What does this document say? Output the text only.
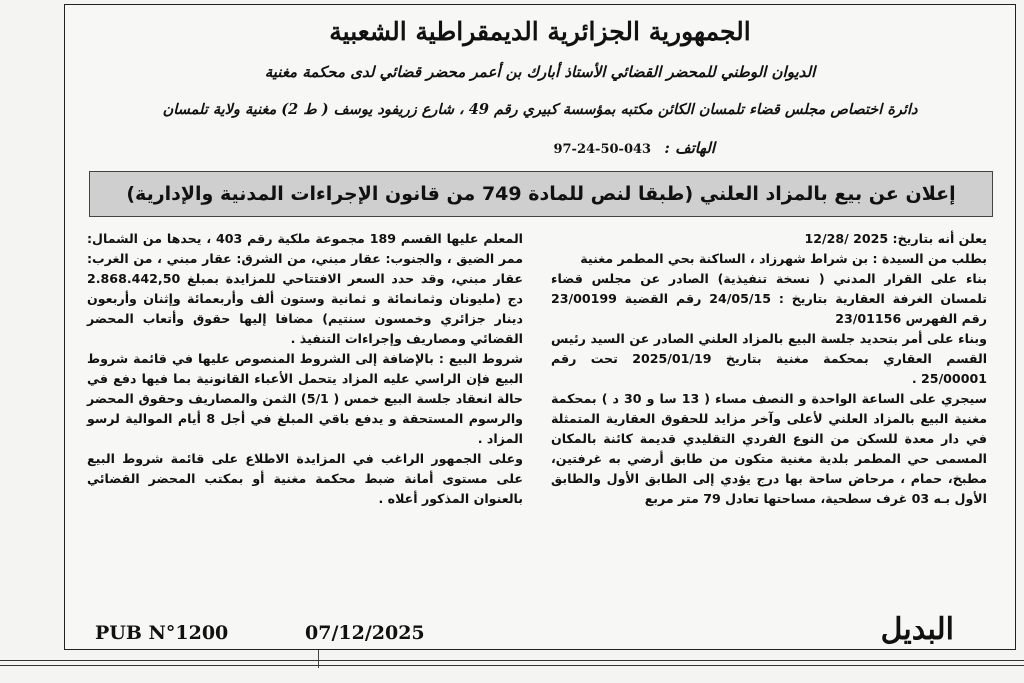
الجمهورية الجزائرية الديمقراطية الشعبية
الديوان الوطني للمحضر القضائي الأستاذ أبارك بن أعمر محضر قضائي لدى محكمة مغنية
دائرة اختصاص مجلس قضاء تلمسان الكائن مكتبه بمؤسسة كبيري رقم 49 ، شارع زريفود يوسف ( ط 2) مغنية ولاية تلمسان
الهاتف : 043-50-24-97
إعلان عن بيع بالمزاد العلني (طبقا لنص للمادة 749 من قانون الإجراءات المدنية والإدارية)

يعلن أنه بتاريخ: 2025 /12/28

بطلب من السيدة : بن شراط شهرزاد ، الساكنة بحي المطمر مغنية

بناء على القرار المدني ( نسخة تنفيذية) الصادر عن مجلس قضاء تلمسان الغرفة العقارية بتاريخ : 24/05/15 رقم القضية 23/00199 رقم الفهرس 23/01156

وبناء على أمر بتحديد جلسة البيع بالمزاد العلني الصادر عن السيد رئيس القسم العقاري بمحكمة مغنية بتاريخ 2025/01/19 تحت رقم 25/00001 .

سيجري على الساعة الواحدة و النصف مساء ( 13 سا و 30 د ) بمحكمة مغنية البيع بالمزاد العلني لأعلى وآخر مزايد للحقوق العقارية المتمثلة في دار معدة للسكن من النوع الفردي التقليدي قديمة كائنة بالمكان المسمى حي المطمر بلدية مغنية متكون من طابق أرضي به غرفتين، مطبخ، حمام ، مرحاض ساحة بها درج يؤدي إلى الطابق الأول والطابق الأول بـه 03 غرف سطحية، مساحتها تعادل 79 متر مربع

المعلم عليها القسم 189 مجموعة ملكية رقم 403 ، يحدها من الشمال: ممر الضيق ، والجنوب: عقار مبني، من الشرق: عقار مبني ، من الغرب: عقار مبني، وقد حدد السعر الافتتاحي للمزايدة بمبلغ 2.868.442,50 دج (مليونان وثمانمائة و ثمانية وستون ألف وأربعمائة وإثنان وأربعون دينار جزائري وخمسون سنتيم) مضافا إليها حقوق وأتعاب المحضر القضائي ومصاريف وإجراءات التنفيذ .

شروط البيع : بالإضافة إلى الشروط المنصوص عليها في قائمة شروط البيع فإن الراسي عليه المزاد يتحمل الأعباء القانونية بما فيها دفع في حالة انعقاد جلسة البيع خمس ( 5/1) الثمن والمصاريف وحقوق المحضر والرسوم المستحقة و يدفع باقي المبلغ في أجل 8 أيام الموالية لرسو المزاد .

وعلى الجمهور الراغب في المزايدة الاطلاع على قائمة شروط البيع على مستوى أمانة ضبط محكمة مغنية أو بمكتب المحضر القضائي بالعنوان المذكور أعلاه .

PUB N°1200	07/12/2025	البديل
